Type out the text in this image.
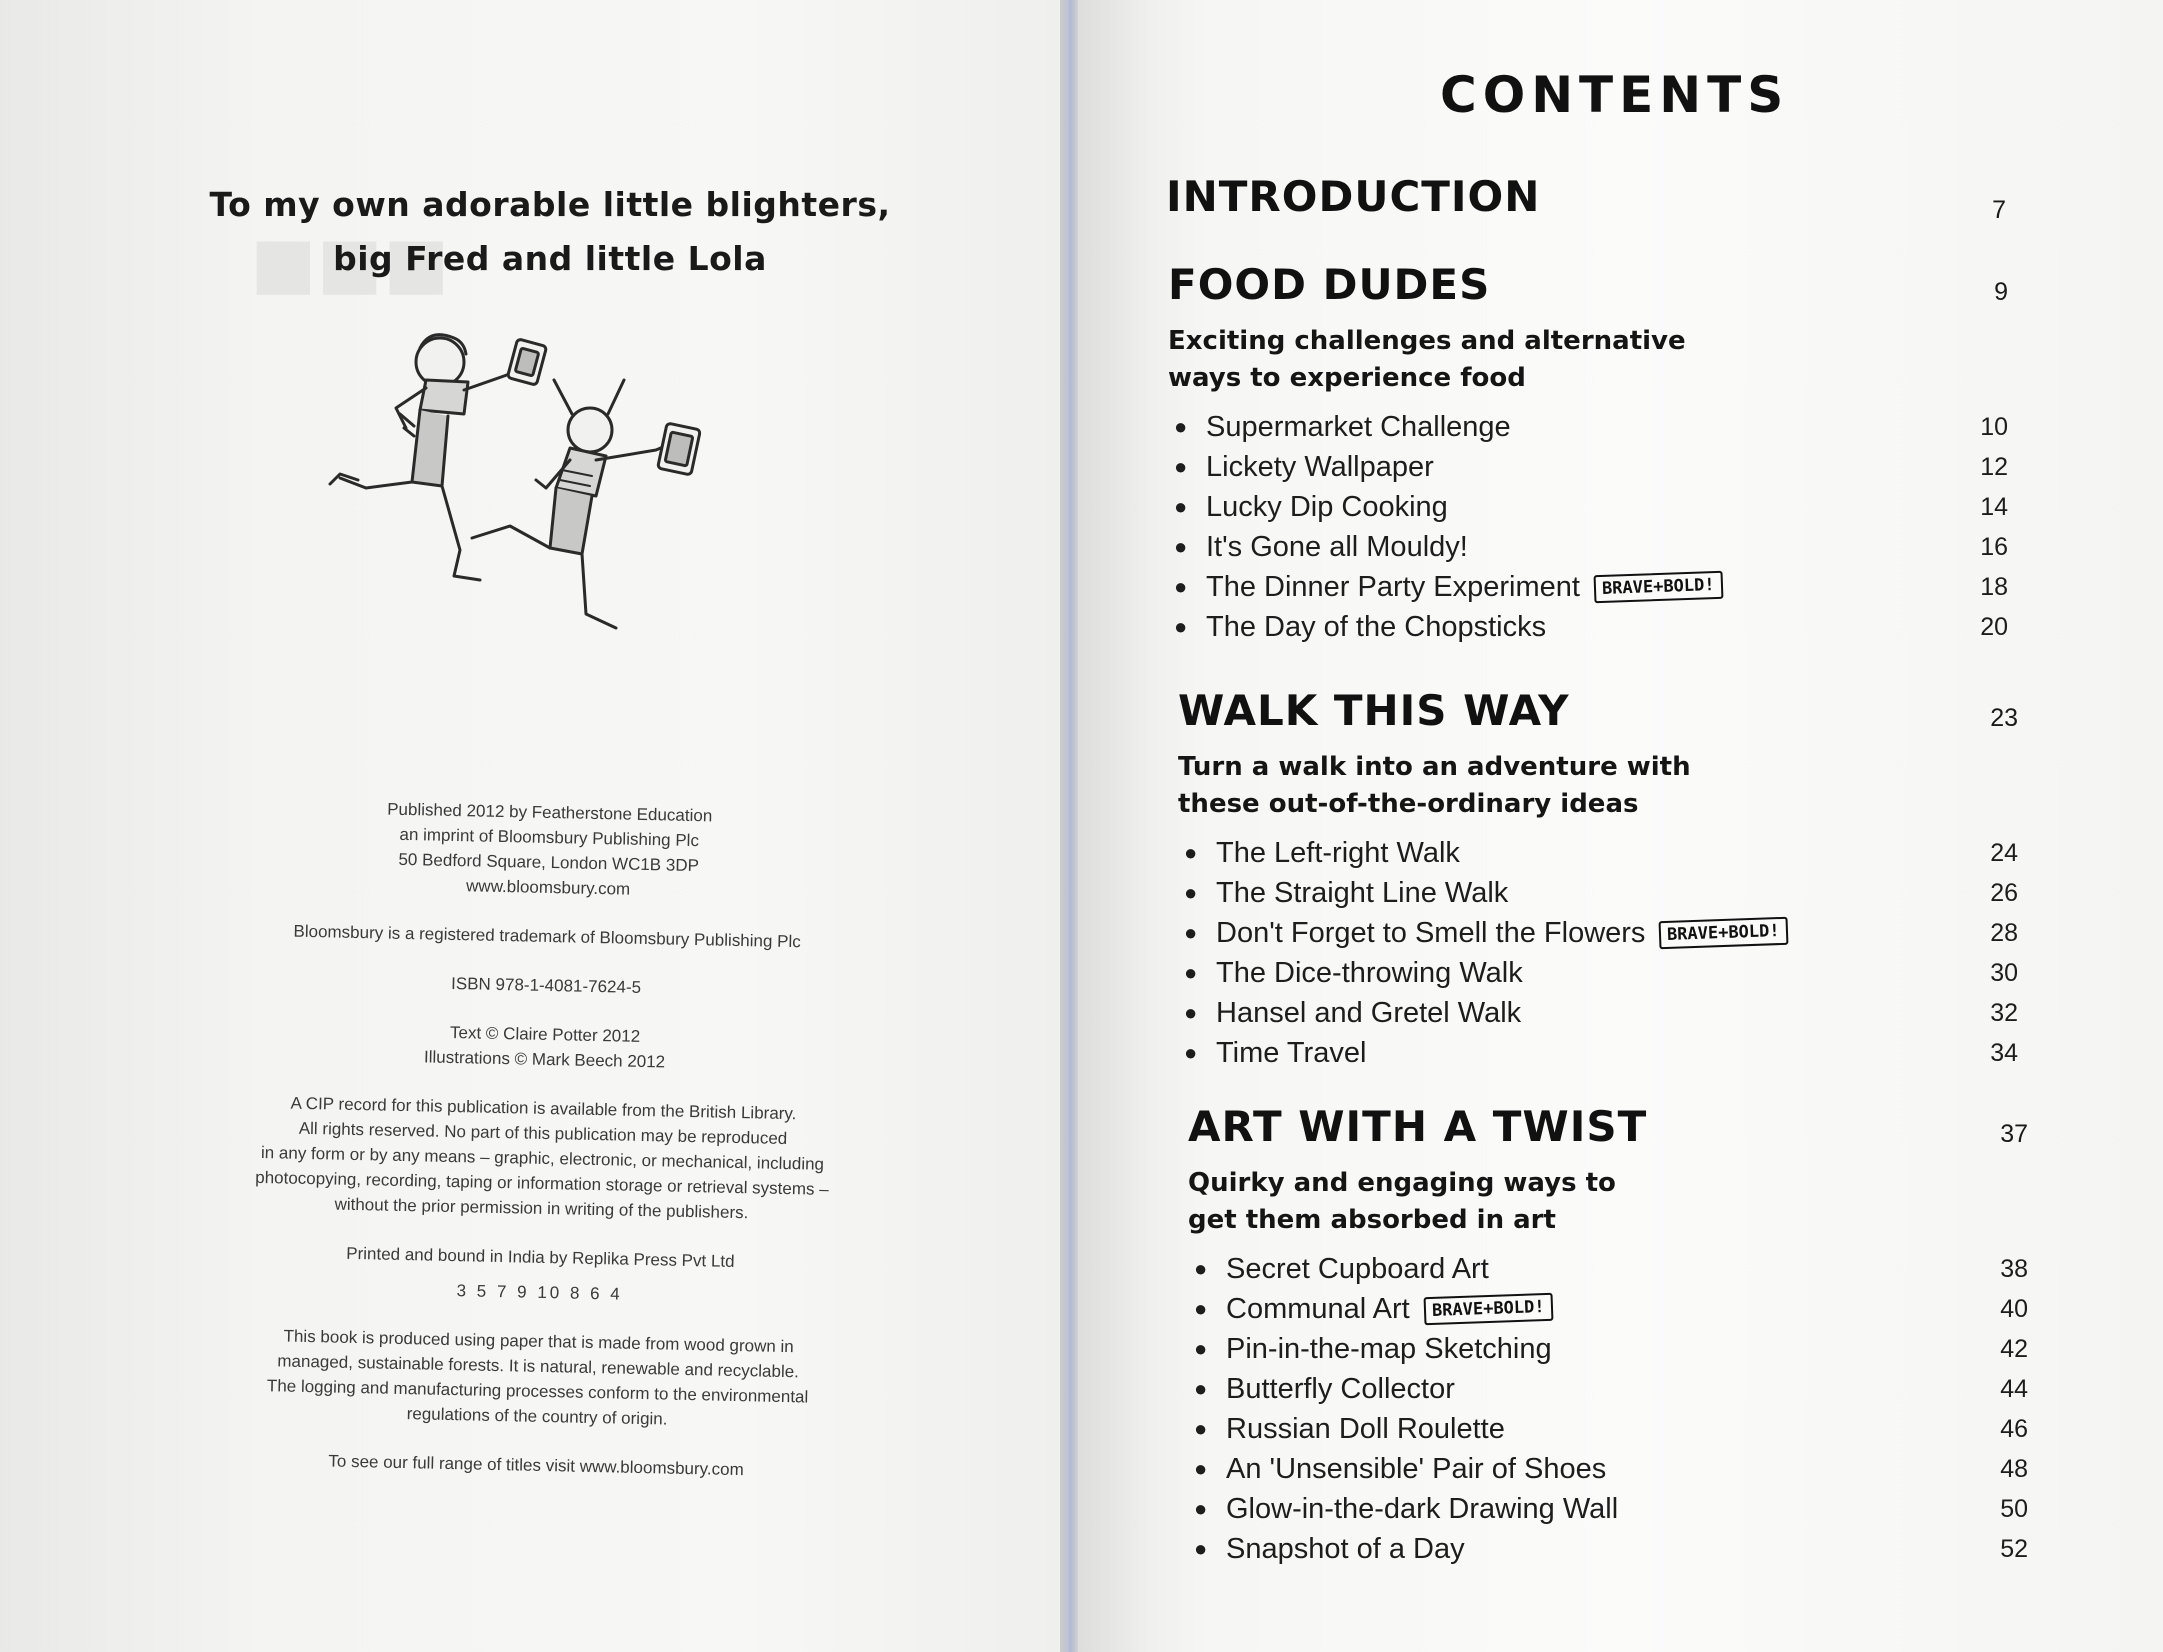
■■■
To my own adorable little blighters,
big Fred and little Lola

Published 2012 by Featherstone Education
an imprint of Bloomsbury Publishing Plc
50 Bedford Square, London WC1B 3DP
www.bloomsbury.com

Bloomsbury is a registered trademark of Bloomsbury Publishing Plc

ISBN 978-1-4081-7624-5

Text © Claire Potter 2012
Illustrations © Mark Beech 2012

A CIP record for this publication is available from the British Library.
All rights reserved. No part of this publication may be reproduced
in any form or by any means – graphic, electronic, or mechanical, including
photocopying, recording, taping or information storage or retrieval systems –
without the prior permission in writing of the publishers.

Printed and bound in India by Replika Press Pvt Ltd
3 5 7 9 10 8 6 4

This book is produced using paper that is made from wood grown in
managed, sustainable forests. It is natural, renewable and recyclable.
The logging and manufacturing processes conform to the environmental
regulations of the country of origin.

To see our full range of titles visit www.bloomsbury.com

CONTENTS
INTRODUCTION	7
FOOD DUDES	9
Exciting challenges and alternative
ways to experience food
● Supermarket Challenge	10
● Lickety Wallpaper	12
● Lucky Dip Cooking	14
● It's Gone all Mouldy!	16
● The Dinner Party Experiment BRAVE+BOLD!	18
● The Day of the Chopsticks	20
WALK THIS WAY	23
Turn a walk into an adventure with
these out-of-the-ordinary ideas
● The Left-right Walk	24
● The Straight Line Walk	26
● Don't Forget to Smell the Flowers BRAVE+BOLD!	28
● The Dice-throwing Walk	30
● Hansel and Gretel Walk	32
● Time Travel	34
ART WITH A TWIST	37
Quirky and engaging ways to
get them absorbed in art
● Secret Cupboard Art	38
● Communal Art BRAVE+BOLD!	40
● Pin-in-the-map Sketching	42
● Butterfly Collector	44
● Russian Doll Roulette	46
● An 'Unsensible' Pair of Shoes	48
● Glow-in-the-dark Drawing Wall	50
● Snapshot of a Day	52
